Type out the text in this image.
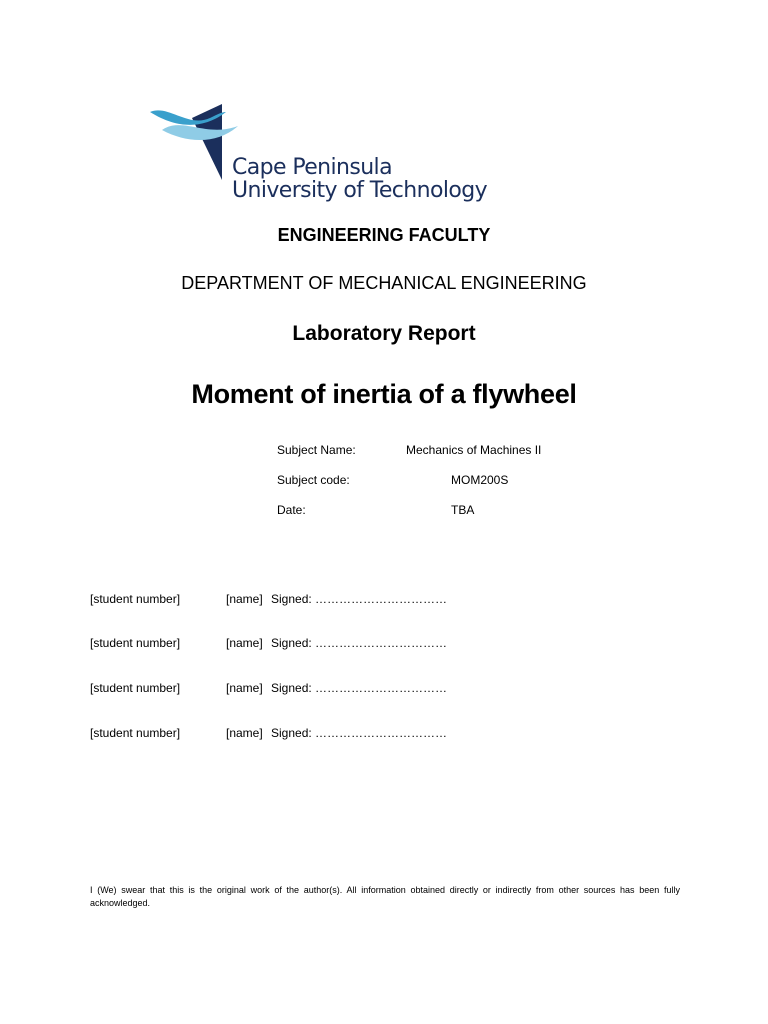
Cape Peninsula
University of Technology
ENGINEERING FACULTY
DEPARTMENT OF MECHANICAL ENGINEERING
Laboratory Report
Moment of inertia of a flywheel
Subject Name:	Mechanics of Machines II
Subject code:	MOM200S
Date:	TBA
[student number]	[name] Signed: ……………………………
[student number]	[name] Signed: ……………………………
[student number]	[name] Signed: ……………………………
[student number]	[name] Signed: ……………………………
I (We) swear that this is the original work of the author(s). All information obtained directly or indirectly from other sources has been fully acknowledged.
